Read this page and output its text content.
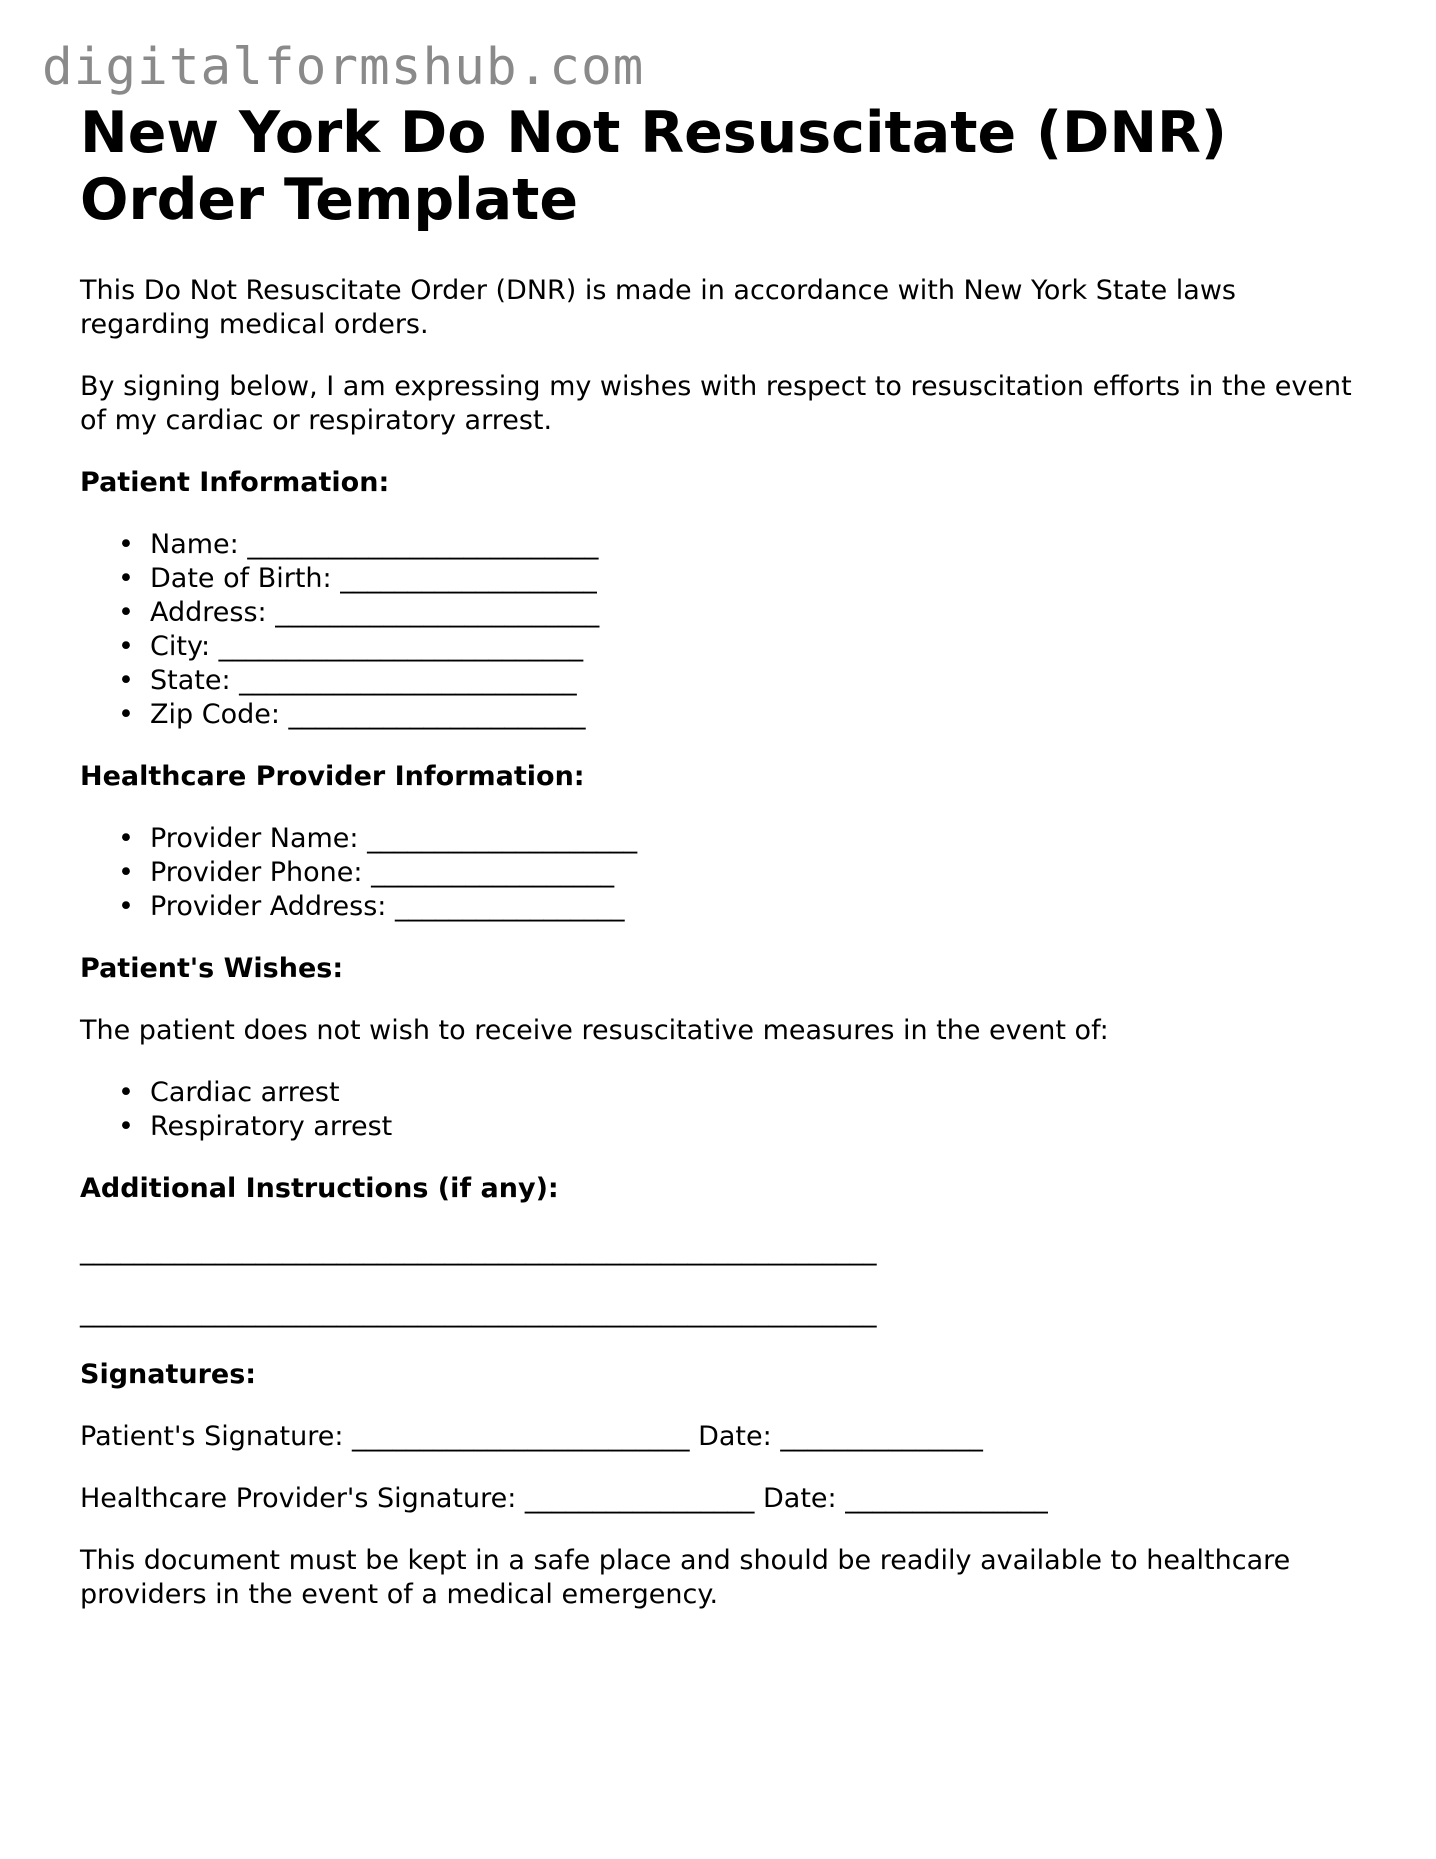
digitalformshub.com
New York Do Not Resuscitate (DNR) Order Template

This Do Not Resuscitate Order (DNR) is made in accordance with New York State laws regarding medical orders.

By signing below, I am expressing my wishes with respect to resuscitation efforts in the event of my cardiac or respiratory arrest.

Patient Information:
• Name: __________________________
• Date of Birth: ___________________
• Address: ________________________
• City: ___________________________
• State: _________________________
• Zip Code: ______________________
Healthcare Provider Information:
• Provider Name: ____________________
• Provider Phone: __________________
• Provider Address: _________________
Patient's Wishes:

The patient does not wish to receive resuscitative measures in the event of:

• Cardiac arrest
• Respiratory arrest
Additional Instructions (if any):

___________________________________________________________

___________________________________________________________

Signatures:

Patient's Signature: _________________________ Date: _______________

Healthcare Provider's Signature: _________________ Date: _______________

This document must be kept in a safe place and should be readily available to healthcare providers in the event of a medical emergency.
